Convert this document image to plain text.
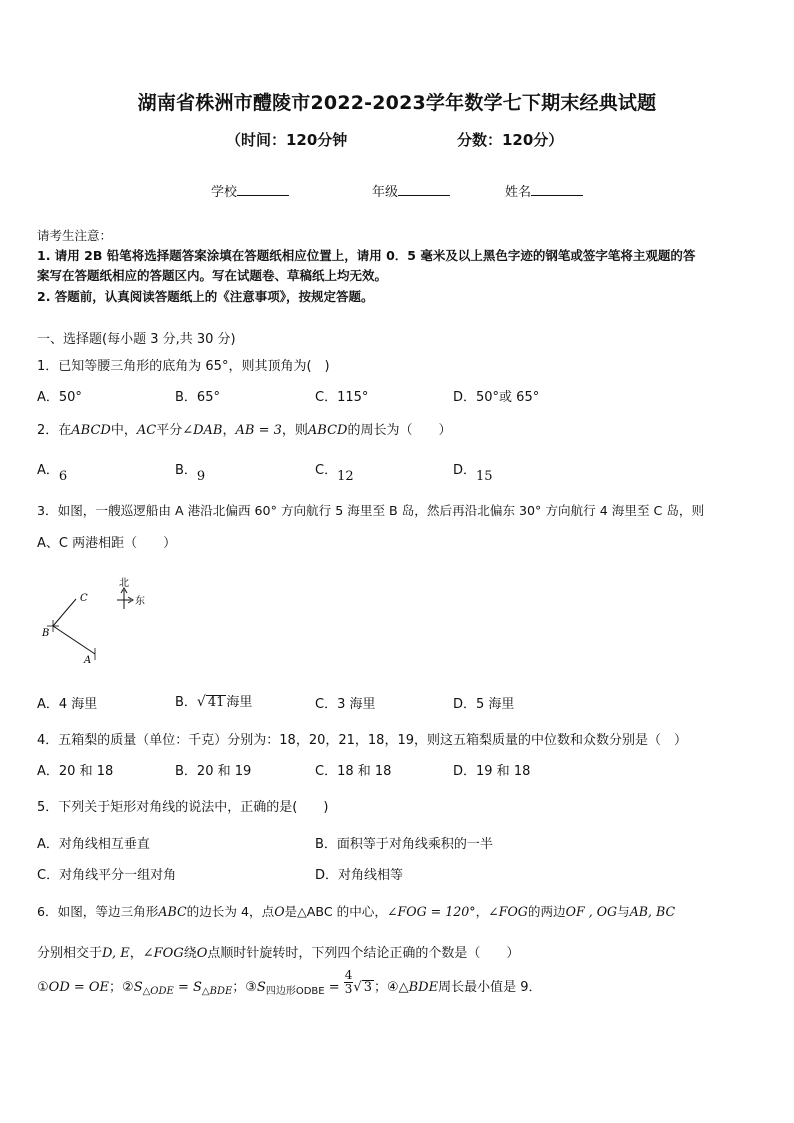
湖南省株洲市醴陵市2022-2023学年数学七下期末经典试题
（时间：120分钟	分数：120分）
学校	年级	姓名
请考生注意：
1. 请用 2B 铅笔将选择题答案涂填在答题纸相应位置上，请用 0．5 毫米及以上黑色字迹的钢笔或签字笔将主观题的答
案写在答题纸相应的答题区内。写在试题卷、草稿纸上均无效。
2. 答题前，认真阅读答题纸上的《注意事项》，按规定答题。
一、选择题(每小题 3 分,共 30 分)
1．已知等腰三角形的底角为 65°，则其顶角为(　)
A．50°	B．65°	C．115°	D．50°或 65°
2．在ABCD中，AC平分∠DAB，AB = 3，则ABCD的周长为（　　）
A．6	B．9	C．12	D．15
3．如图，一艘巡逻船由 A 港沿北偏西 60° 方向航行 5 海里至 B 岛，然后再沿北偏东 30° 方向航行 4 海里至 C 岛，则
A、C 两港相距（　　）
北
东
C
B
A
A．4 海里	B．√ 41 海里	C．3 海里	D．5 海里
4．五箱梨的质量（单位：千克）分别为：18，20，21，18，19，则这五箱梨质量的中位数和众数分别是（　）
A．20 和 18	B．20 和 19	C．18 和 18	D．19 和 18
5．下列关于矩形对角线的说法中，正确的是(　　)
A．对角线相互垂直	B．面积等于对角线乘积的一半
C．对角线平分一组对角	D．对角线相等
6．如图，等边三角形ABC的边长为 4，点O是△ABC 的中心，∠FOG = 120°，∠FOG的两边OF , OG与AB, BC
分别相交于D, E，∠FOG绕O点顺时针旋转时，下列四个结论正确的个数是（　　）
①OD = OE；$②S_{\triangle ODE} = S_{\triangle BDE}$；$③S_{四边形ODBE} = \frac{4}{3}$ √ 3 ；④△BDE周长最小值是 9．
